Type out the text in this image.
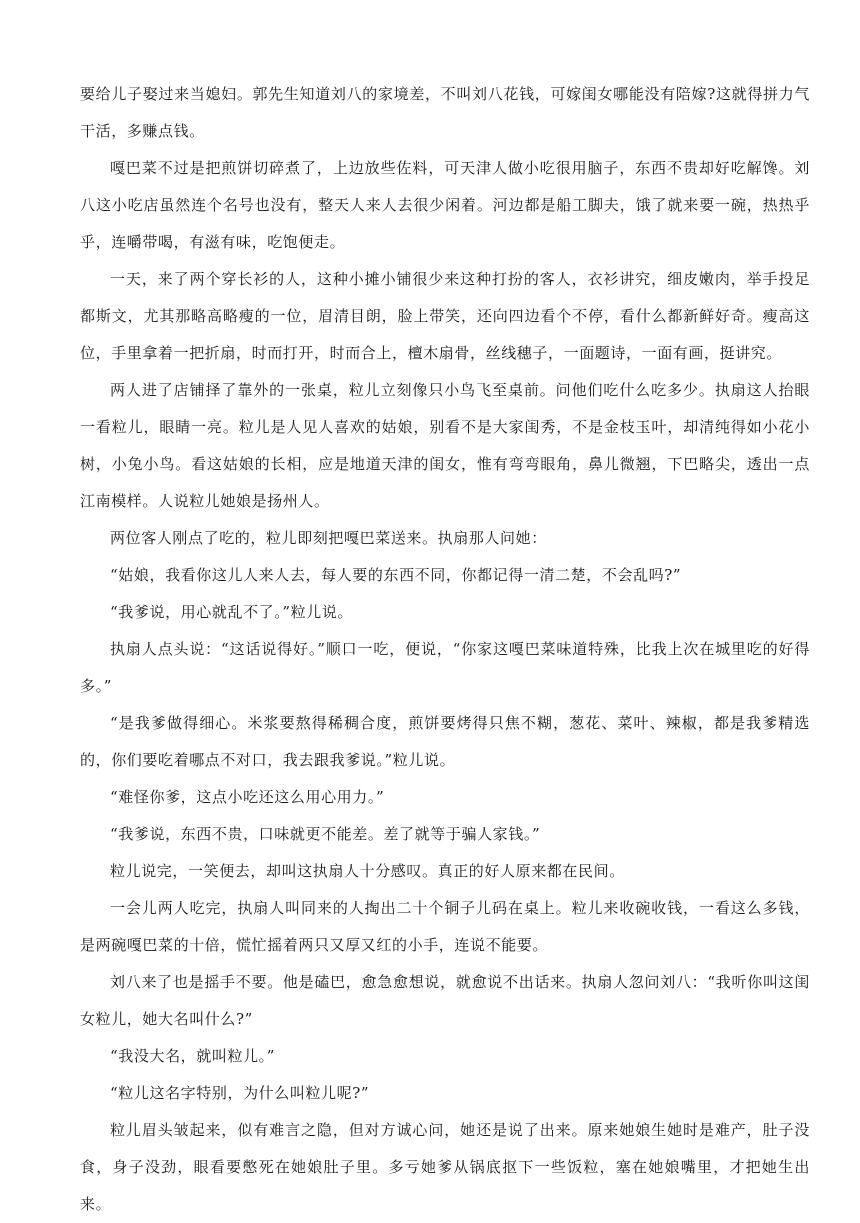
要给儿子娶过来当媳妇。郭先生知道刘八的家境差，不叫刘八花钱，可嫁闺女哪能没有陪嫁?这就得拼力气干活，多赚点钱。

嘎巴菜不过是把煎饼切碎煮了，上边放些佐料，可天津人做小吃很用脑子，东西不贵却好吃解馋。刘八这小吃店虽然连个名号也没有，整天人来人去很少闲着。河边都是船工脚夫，饿了就来要一碗，热热乎乎，连嚼带喝，有滋有味，吃饱便走。

一天，来了两个穿长衫的人，这种小摊小铺很少来这种打扮的客人，衣衫讲究，细皮嫩肉，举手投足都斯文，尤其那略高略瘦的一位，眉清目朗，脸上带笑，还向四边看个不停，看什么都新鲜好奇。瘦高这位，手里拿着一把折扇，时而打开，时而合上，檀木扇骨，丝线穗子，一面题诗，一面有画，挺讲究。

两人进了店铺择了靠外的一张桌，粒儿立刻像只小鸟飞至桌前。问他们吃什么吃多少。执扇这人抬眼一看粒儿，眼睛一亮。粒儿是人见人喜欢的姑娘，别看不是大家闺秀，不是金枝玉叶，却清纯得如小花小树，小兔小鸟。看这姑娘的长相，应是地道天津的闺女，惟有弯弯眼角，鼻儿微翘，下巴略尖，透出一点江南模样。人说粒儿她娘是扬州人。

两位客人刚点了吃的，粒儿即刻把嘎巴菜送来。执扇那人问她：

“姑娘，我看你这儿人来人去，每人要的东西不同，你都记得一清二楚，不会乱吗?”

“我爹说，用心就乱不了。”粒儿说。

执扇人点头说：“这话说得好。”顺口一吃，便说，“你家这嘎巴菜味道特殊，比我上次在城里吃的好得多。”

“是我爹做得细心。米浆要熬得稀稠合度，煎饼要烤得只焦不糊，葱花、菜叶、辣椒，都是我爹精选的，你们要吃着哪点不对口，我去跟我爹说。”粒儿说。

“难怪你爹，这点小吃还这么用心用力。”

“我爹说，东西不贵，口味就更不能差。差了就等于骗人家钱。”

粒儿说完，一笑便去，却叫这执扇人十分感叹。真正的好人原来都在民间。

一会儿两人吃完，执扇人叫同来的人掏出二十个铜子儿码在桌上。粒儿来收碗收钱，一看这么多钱， 是两碗嘎巴菜的十倍，慌忙摇着两只又厚又红的小手，连说不能要。

刘八来了也是摇手不要。他是磕巴，愈急愈想说，就愈说不出话来。执扇人忽问刘八：“我听你叫这闺女粒儿，她大名叫什么?”

“我没大名，就叫粒儿。”

“粒儿这名字特别，为什么叫粒儿呢?”

粒儿眉头皱起来，似有难言之隐，但对方诚心问，她还是说了出来。原来她娘生她时是难产，肚子没食，身子没劲，眼看要憋死在她娘肚子里。多亏她爹从锅底抠下一些饭粒，塞在她娘嘴里，才把她生出来。
